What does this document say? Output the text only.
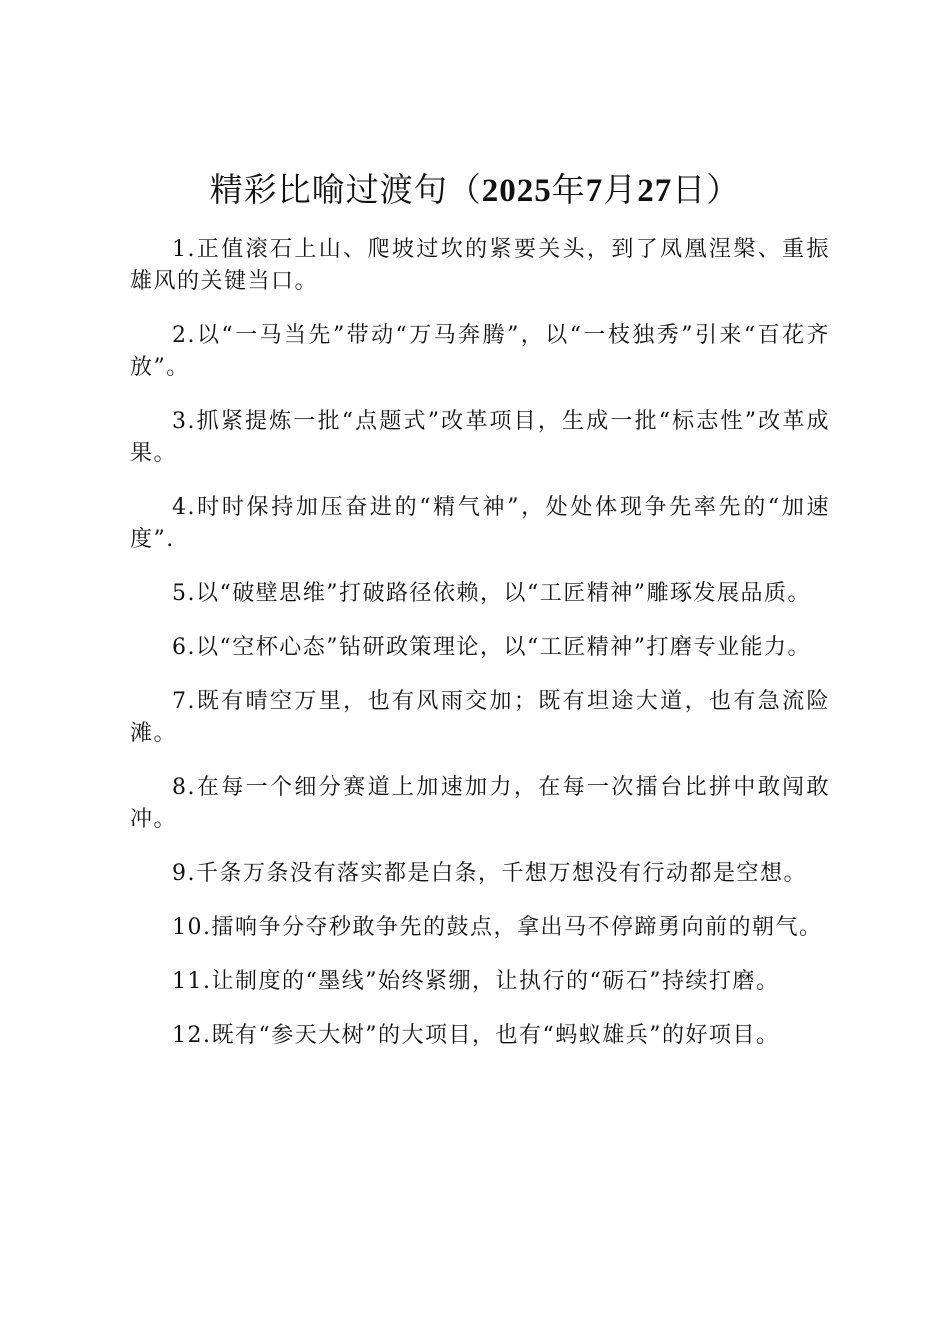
精彩比喻过渡句（2025年7月27日）

1.正值滚石上山、爬坡过坎的紧要关头，到了凤凰涅槃、重振雄风的关键当口。

2.以“一马当先”带动“万马奔腾”，以“一枝独秀”引来“百花齐放”。

3.抓紧提炼一批“点题式”改革项目，生成一批“标志性”改革成果。

4.时时保持加压奋进的“精气神”，处处体现争先率先的“加速度”.

5.以“破壁思维”打破路径依赖，以“工匠精神”雕琢发展品质。

6.以“空杯心态”钻研政策理论，以“工匠精神”打磨专业能力。

7.既有晴空万里，也有风雨交加；既有坦途大道，也有急流险滩。

8.在每一个细分赛道上加速加力，在每一次擂台比拼中敢闯敢冲。

9.千条万条没有落实都是白条，千想万想没有行动都是空想。

10.擂响争分夺秒敢争先的鼓点，拿出马不停蹄勇向前的朝气。

11.让制度的“墨线”始终紧绷，让执行的“砺石”持续打磨。

12.既有“参天大树”的大项目，也有“蚂蚁雄兵”的好项目。
